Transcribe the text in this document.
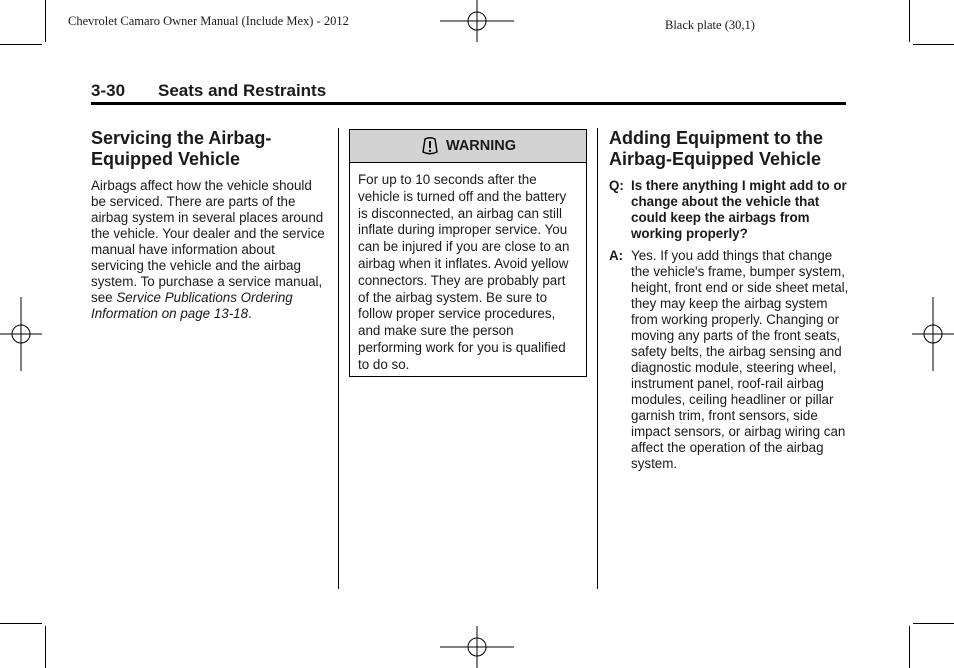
Chevrolet Camaro Owner Manual (Include Mex) - 2012	Black plate (30,1)
3-30 Seats and Restraints
Servicing the Airbag-Equipped Vehicle

Airbags affect how the vehicle should be serviced. There are parts of the airbag system in several places around the vehicle. Your dealer and the service manual have information about servicing the vehicle and the airbag system. To purchase a service manual, see Service Publications Ordering Information on page 13-18.

WARNING
For up to 10 seconds after the vehicle is turned off and the battery is disconnected, an airbag can still inflate during improper service. You can be injured if you are close to an airbag when it inflates. Avoid yellow connectors. They are probably part of the airbag system. Be sure to follow proper service procedures, and make sure the person performing work for you is qualified to do so.
Adding Equipment to the Airbag-Equipped Vehicle
Q: Is there anything I might add to or change about the vehicle that could keep the airbags from working properly?
A: Yes. If you add things that change the vehicle's frame, bumper system, height, front end or side sheet metal, they may keep the airbag system from working properly. Changing or moving any parts of the front seats, safety belts, the airbag sensing and diagnostic module, steering wheel, instrument panel, roof-rail airbag modules, ceiling headliner or pillar garnish trim, front sensors, side impact sensors, or airbag wiring can affect the operation of the airbag system.
